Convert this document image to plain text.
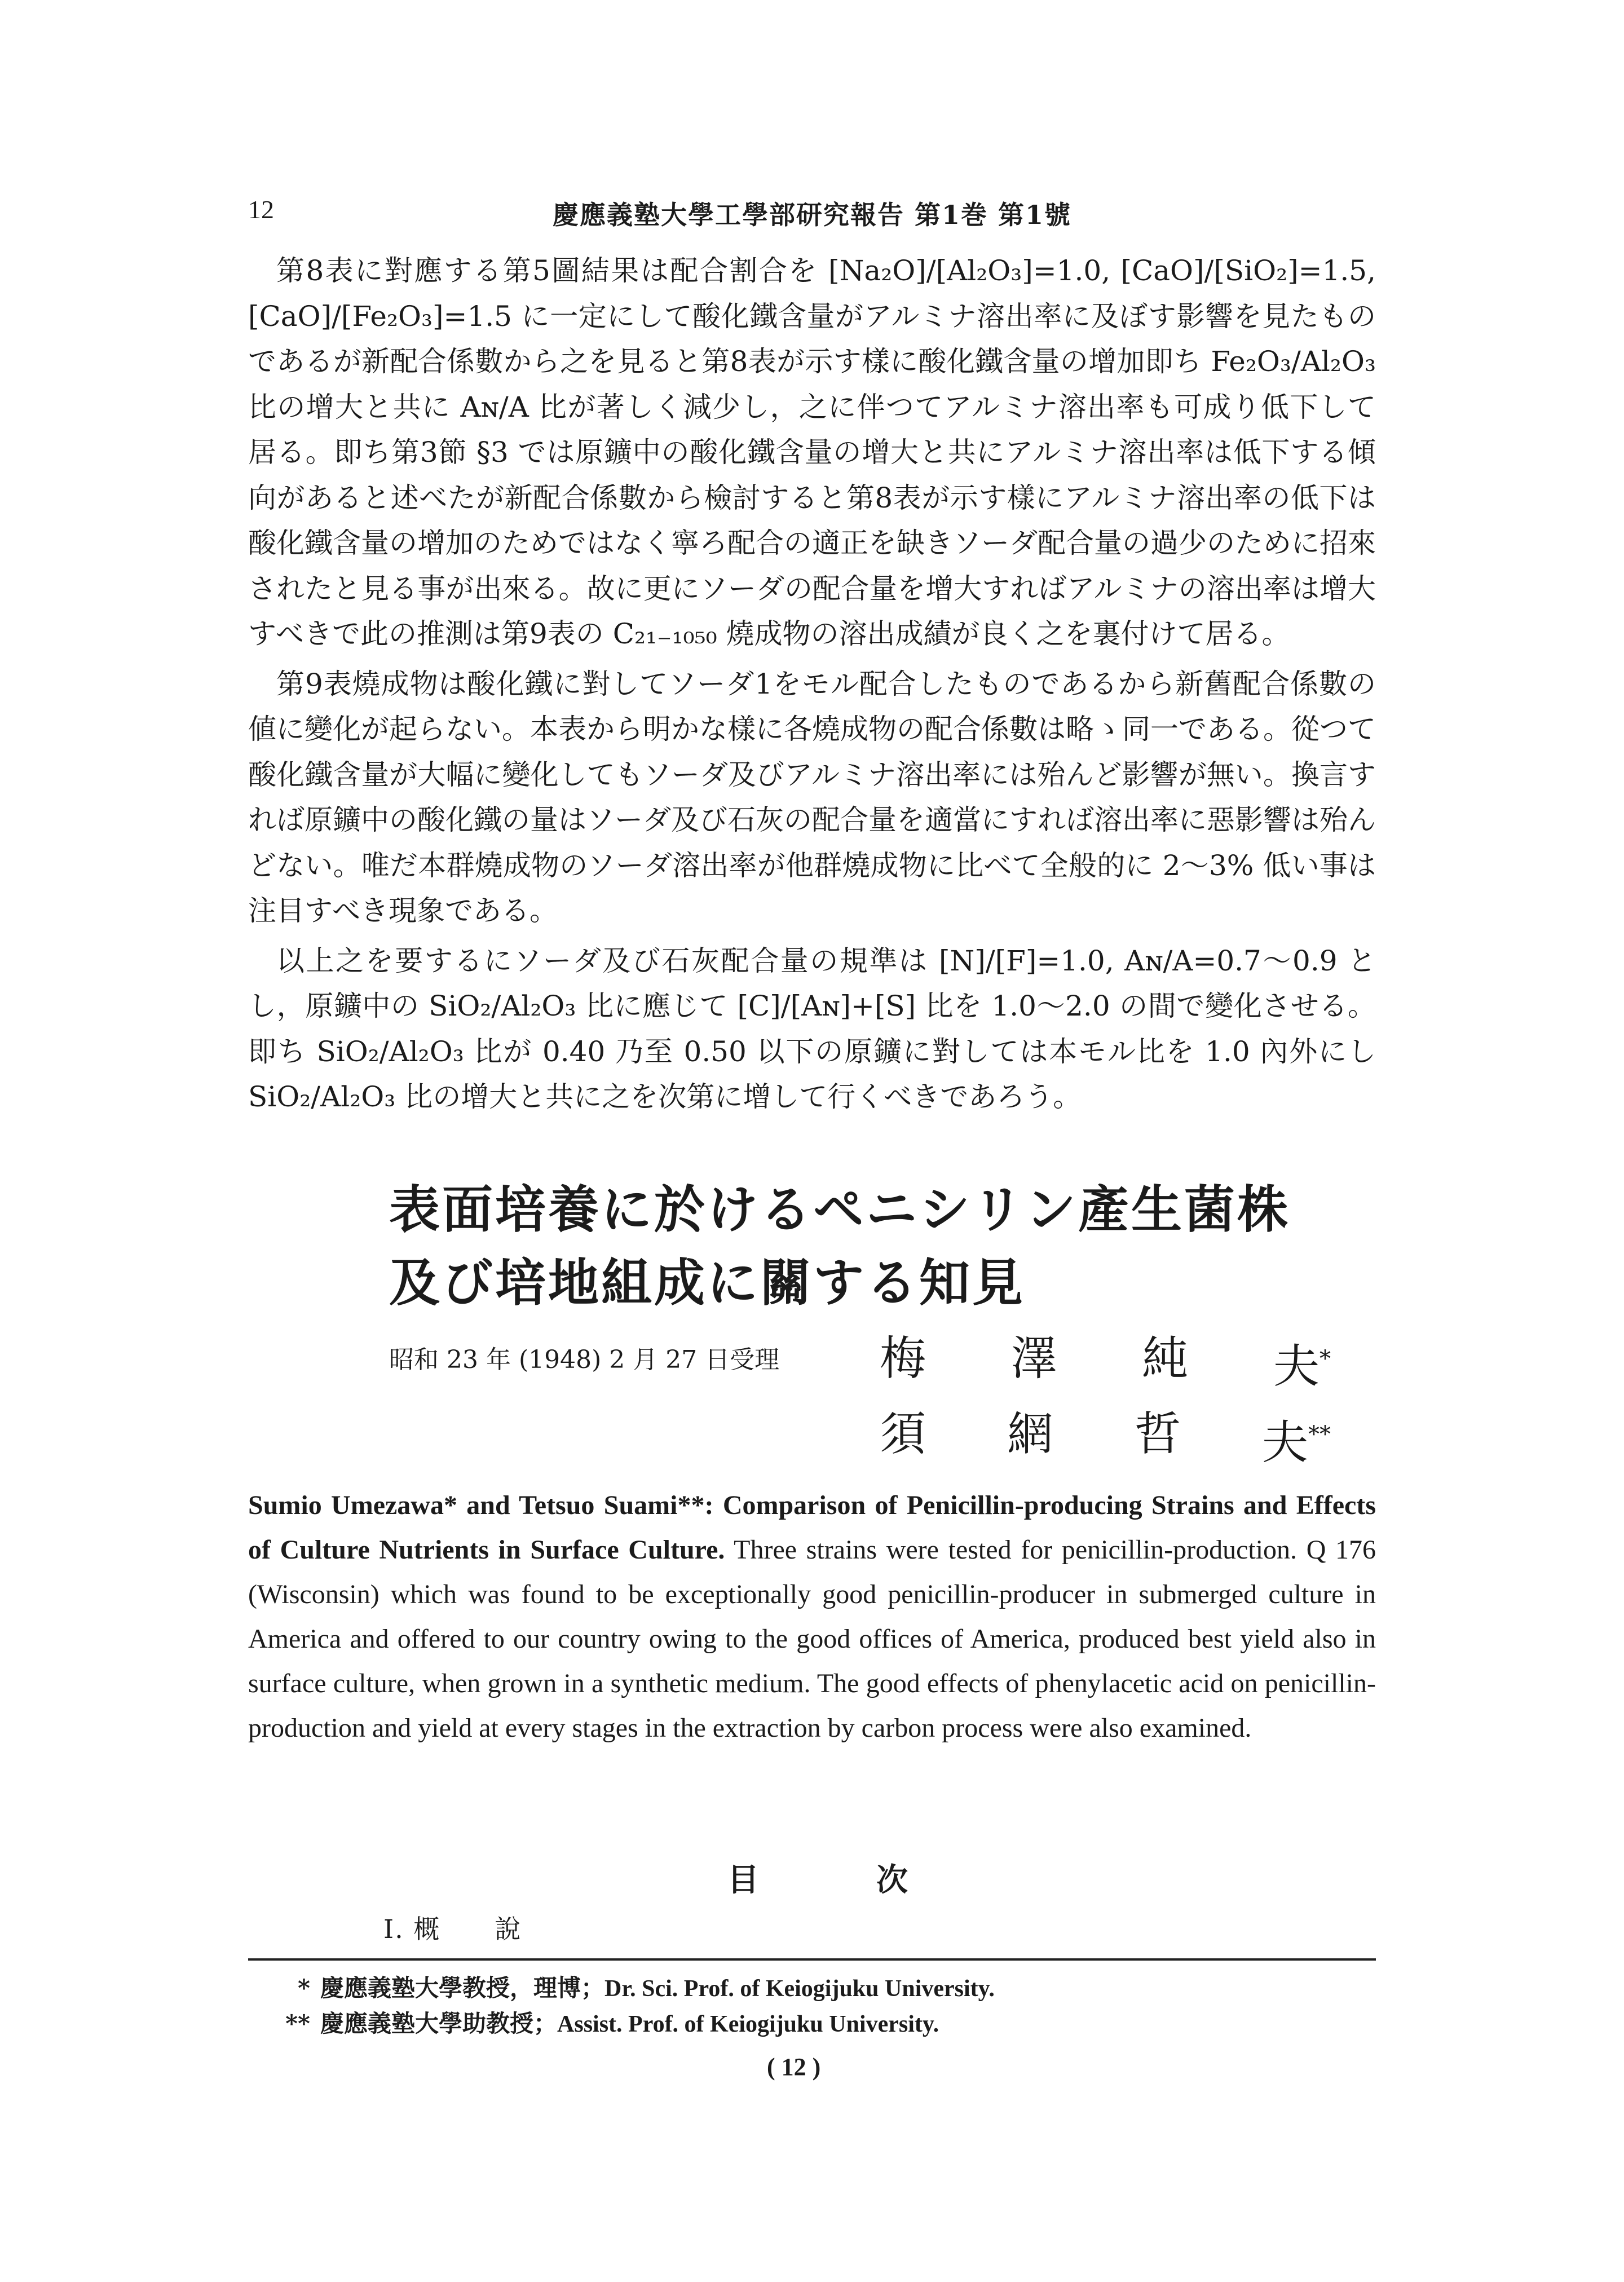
12	慶應義塾大學工學部研究報告 第1巻 第1號

第8表に對應する第5圖結果は配合割合を [Na₂O]/[Al₂O₃]=1.0, [CaO]/[SiO₂]=1.5, [CaO]/[Fe₂O₃]=1.5 に一定にして酸化鐵含量がアルミナ溶出率に及ぼす影響を見たものであるが新配合係數から之を見ると第8表が示す樣に酸化鐵含量の增加即ち Fe₂O₃/Al₂O₃ 比の增大と共に Aɴ/A 比が著しく減少し，之に伴つてアルミナ溶出率も可成り低下して居る。即ち第3節 §3 では原鑛中の酸化鐵含量の增大と共にアルミナ溶出率は低下する傾向があると述べたが新配合係數から檢討すると第8表が示す樣にアルミナ溶出率の低下は酸化鐵含量の增加のためではなく寧ろ配合の適正を缺きソーダ配合量の過少のために招來されたと見る事が出來る。故に更にソーダの配合量を增大すればアルミナの溶出率は增大すべきで此の推測は第9表の C₂₁₋₁₀₅₀ 燒成物の溶出成績が良く之を裏付けて居る。

第9表燒成物は酸化鐵に對してソーダ1をモル配合したものであるから新舊配合係數の値に變化が起らない。本表から明かな樣に各燒成物の配合係數は略ゝ同一である。從つて酸化鐵含量が大幅に變化してもソーダ及びアルミナ溶出率には殆んど影響が無い。換言すれば原鑛中の酸化鐵の量はソーダ及び石灰の配合量を適當にすれば溶出率に惡影響は殆んどない。唯だ本群燒成物のソーダ溶出率が他群燒成物に比べて全般的に 2〜3% 低い事は注目すべき現象である。

以上之を要するにソーダ及び石灰配合量の規準は [N]/[F]=1.0, Aɴ/A=0.7〜0.9 とし，原鑛中の SiO₂/Al₂O₃ 比に應じて [C]/[Aɴ]+[S] 比を 1.0〜2.0 の間で變化させる。即ち SiO₂/Al₂O₃ 比が 0.40 乃至 0.50 以下の原鑛に對しては本モル比を 1.0 內外にし SiO₂/Al₂O₃ 比の增大と共に之を次第に增して行くべきであろう。

表面培養に於けるペニシリン產生菌株
及び培地組成に關する知見
昭和 23 年 (1948) 2 月 27 日受理 梅 澤 純 夫*
須 網 哲 夫**

Sumio Umezawa* and Tetsuo Suami**: Comparison of Penicillin-producing Strains and Effects of Culture Nutrients in Surface Culture. Three strains were tested for penicillin-production. Q 176 (Wisconsin) which was found to be exceptionally good penicillin-producer in submerged culture in America and offered to our country owing to the good offices of America, produced best yield also in surface culture, when grown in a synthetic medium. The good effects of phenylacetic acid on penicillin-production and yield at every stages in the extraction by carbon process were also examined.

目	次
I. 概　　說
* 慶應義塾大學教授，理博；Dr. Sci. Prof. of Keiogijuku University.
** 慶應義塾大學助教授；Assist. Prof. of Keiogijuku University.
( 12 )
